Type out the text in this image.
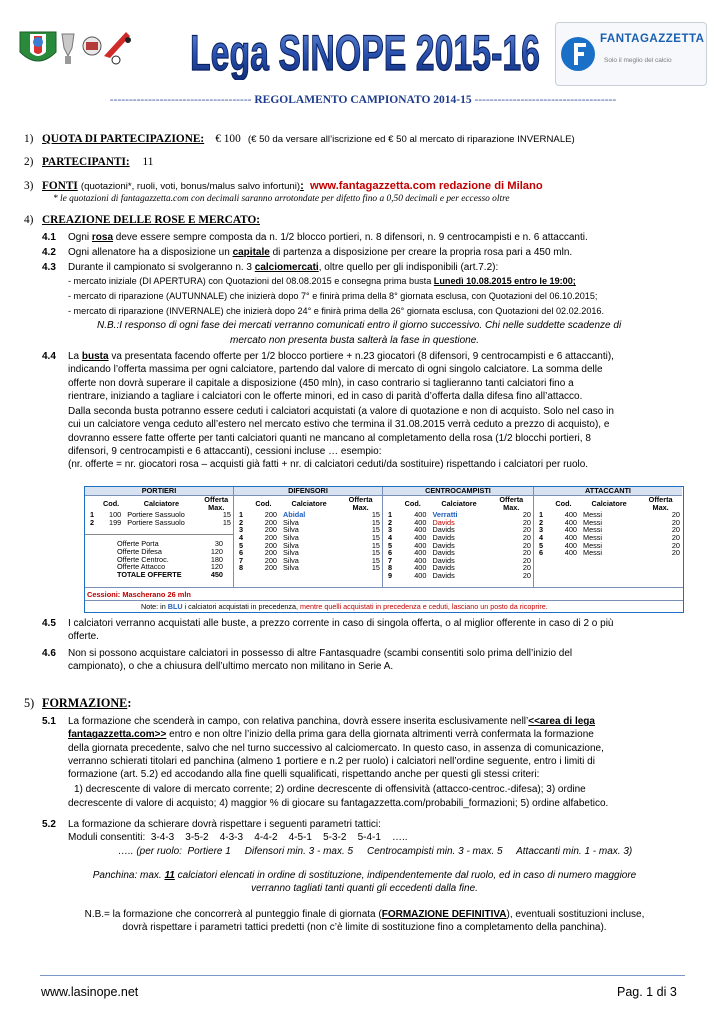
Lega SINOPE 2015-16	FANTAGAZZETTA
Solo il meglio del calcio
------------------------------------- REGOLAMENTO CAMPIONATO 2014-15 -------------------------------------
1) QUOTA DI PARTECIPAZIONE: € 100 (€ 50 da versare all’iscrizione ed € 50 al mercato di riparazione INVERNALE)
2) PARTECIPANTI: 11
3) FONTI (quotazioni*, ruoli, voti, bonus/malus salvo infortuni): www.fantagazzetta.com redazione di Milano
* le quotazioni di fantagazzetta.com con decimali saranno arrotondate per difetto fino a 0,50 decimali e per eccesso oltre
4) CREAZIONE DELLE ROSE E MERCATO:
4.1 Ogni rosa deve essere sempre composta da n. 1/2 blocco portieri, n. 8 difensori, n. 9 centrocampisti e n. 6 attaccanti.
4.2 Ogni allenatore ha a disposizione un capitale di partenza a disposizione per creare la propria rosa pari a 450 mln.
4.3 Durante il campionato si svolgeranno n. 3 calciomercati, oltre quello per gli indisponibili (art.7.2):
- mercato iniziale (DI APERTURA) con Quotazioni del 08.08.2015 e consegna prima busta Lunedì 10.08.2015 entro le 19:00;
- mercato di riparazione (AUTUNNALE) che inizierà dopo 7° e finirà prima della 8° giornata esclusa, con Quotazioni del 06.10.2015;
- mercato di riparazione (INVERNALE) che inizierà dopo 24° e finirà prima della 26° giornata esclusa, con Quotazioni del 02.02.2016.
N.B.:I responso di ogni fase dei mercati verranno comunicati entro il giorno successivo. Chi nelle suddette scadenze di
mercato non presenta busta salterà la fase in questione.
4.4 La busta va presentata facendo offerte per 1/2 blocco portiere + n.23 giocatori (8 difensori, 9 centrocampisti e 6 attaccanti),
indicando l’offerta massima per ogni calciatore, partendo dal valore di mercato di ogni singolo calciatore. La somma delle
offerte non dovrà superare il capitale a disposizione (450 mln), in caso contrario si taglieranno tanti calciatori fino a
rientrare, iniziando a tagliare i calciatori con le offerte minori, ed in caso di parità d’offerta dalla difesa fino all’attacco.
Dalla seconda busta potranno essere ceduti i calciatori acquistati (a valore di quotazione e non di acquisto. Solo nel caso in
cui un calciatore venga ceduto all’estero nel mercato estivo che termina il 31.08.2015 verrà ceduto a prezzo di acquisto), e
dovranno essere fatte offerte per tanti calciatori quanti ne mancano al completamento della rosa (1/2 blocchi portieri, 8
difensori, 9 centrocampisti e 6 attaccanti), cessioni incluse … esempio:
(nr. offerte = nr. giocatori rosa – acquisti già fatti + nr. di calciatori ceduti/da sostituire) rispettando i calciatori per ruolo.
PORTIERI
	Cod.	Calciatore	Offerta
Max.

1	100	Portiere Sassuolo	15
2	199	Portiere Sassuolo	15
Offerte Porta	30
Offerte Difesa	120
Offerte Centroc.	180
Offerte Attacco	120
TOTALE OFFERTE	450
DIFENSORI
	Cod.	Calciatore	Offerta
Max.

1	200	Abidal	15
2	200	Silva	15
3	200	Silva	15
4	200	Silva	15
5	200	Silva	15
6	200	Silva	15
7	200	Silva	15
8	200	Silva	15
CENTROCAMPISTI
	Cod.	Calciatore	Offerta
Max.

1	400	Verratti	20
2	400	Davids	20
3	400	Davids	20
4	400	Davids	20
5	400	Davids	20
6	400	Davids	20
7	400	Davids	20
8	400	Davids	20
9	400	Davids	20
ATTACCANTI
	Cod.	Calciatore	Offerta
Max.

1	400	Messi	20
2	400	Messi	20
3	400	Messi	20
4	400	Messi	20
5	400	Messi	20
6	400	Messi	20
Cessioni: Mascherano 26 mln
Note: in BLU i calciatori acquistati in precedenza, mentre quelli acquistati in precedenza e ceduti, lasciano un posto da ricoprire.
4.5 I calciatori verranno acquistati alle buste, a prezzo corrente in caso di singola offerta, o al miglior offerente in caso di 2 o più
offerte.
4.6 Non si possono acquistare calciatori in possesso di altre Fantasquadre (scambi consentiti solo prima dell’inizio del
campionato), o che a chiusura dell’ultimo mercato non militano in Serie A.
5) FORMAZIONE:
5.1 La formazione che scenderà in campo, con relativa panchina, dovrà essere inserita esclusivamente nell’<<area di lega
fantagazzetta.com>> entro e non oltre l’inizio della prima gara della giornata altrimenti verrà confermata la formazione
della giornata precedente, salvo che nel turno successivo al calciomercato. In questo caso, in assenza di comunicazione,
verranno schierati titolari ed panchina (almeno 1 portiere e n.2 per ruolo) i calciatori nell’ordine seguente, entro i limiti di
formazione (art. 5.2) ed accodando alla fine quelli squalificati, rispettando anche per questi gli stessi criteri:
1) decrescente di valore di mercato corrente; 2) ordine decrescente di offensività (attacco-centroc.-difesa); 3) ordine
decrescente di valore di acquisto; 4) maggior % di giocare su fantagazzetta.com/probabili_formazioni; 5) ordine alfabetico.
5.2 La formazione da schierare dovrà rispettare i seguenti parametri tattici:
Moduli consentiti:  3-4-3    3-5-2    4-3-3    4-4-2    4-5-1    5-3-2    5-4-1    …..
….. (per ruolo:  Portiere 1     Difensori min. 3 - max. 5     Centrocampisti min. 3 - max. 5     Attaccanti min. 1 - max. 3)
Panchina: max. 11 calciatori elencati in ordine di sostituzione, indipendentemente dal ruolo, ed in caso di numero maggiore
verranno tagliati tanti quanti gli eccedenti dalla fine.
N.B.= la formazione che concorrerà al punteggio finale di giornata (FORMAZIONE DEFINITIVA), eventuali sostituzioni incluse,
dovrà rispettare i parametri tattici predetti (non c’è limite di sostituzione fino a completamento della panchina).
www.lasinope.net	Pag. 1 di 3
